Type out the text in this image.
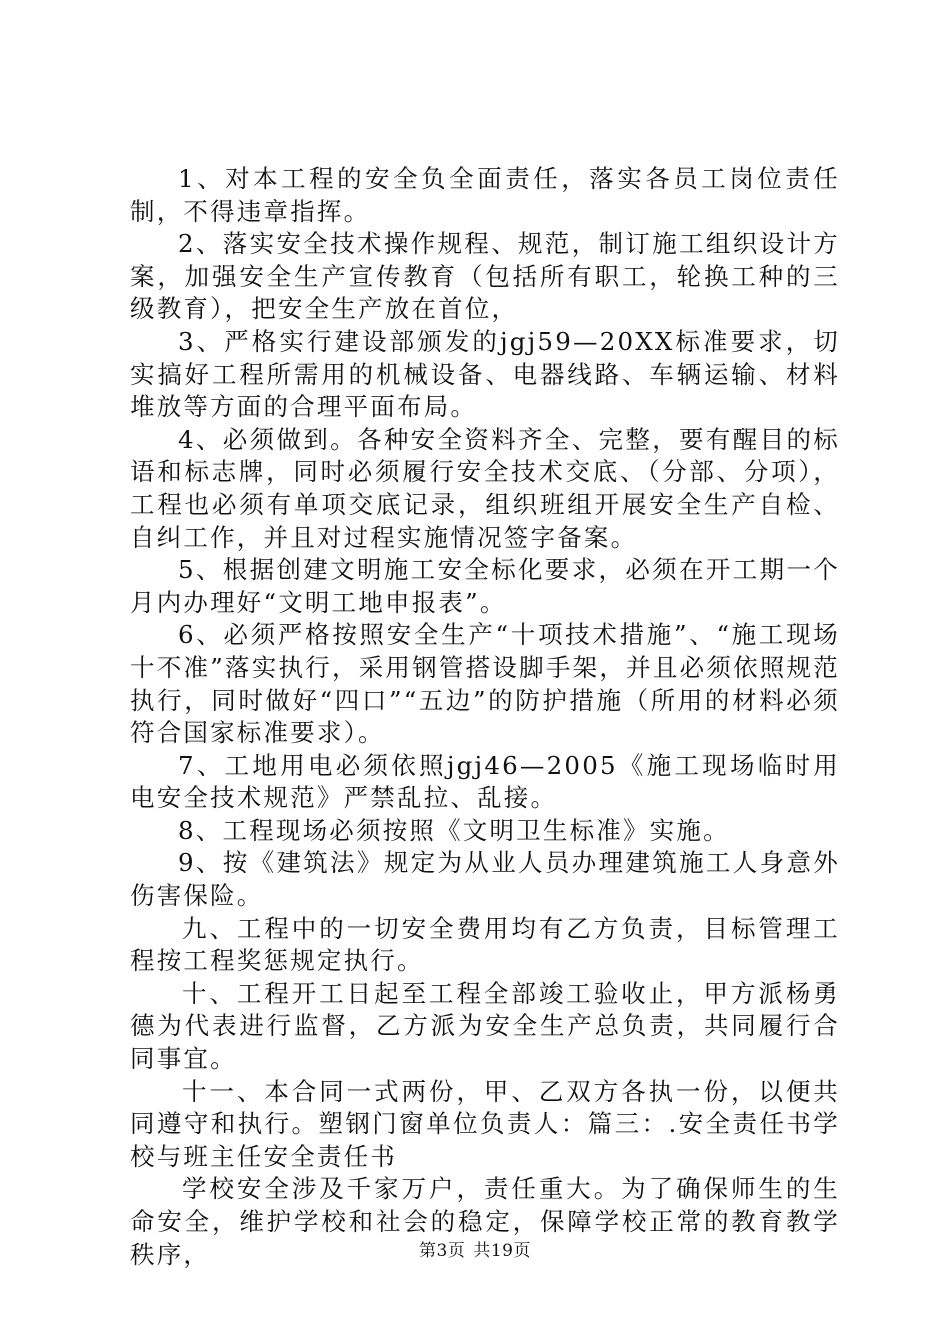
1、对本工程的安全负全面责任，落实各员工岗位责任制，不得违章指挥。

2、落实安全技术操作规程、规范，制订施工组织设计方案，加强安全生产宣传教育（包括所有职工，轮换工种的三级教育），把安全生产放在首位，

3、严格实行建设部颁发的jgj59—20XX标准要求，切实搞好工程所需用的机械设备、电器线路、车辆运输、材料堆放等方面的合理平面布局。

4、必须做到。各种安全资料齐全、完整，要有醒目的标语和标志牌，同时必须履行安全技术交底、（分部、分项），工程也必须有单项交底记录，组织班组开展安全生产自检、自纠工作，并且对过程实施情况签字备案。

5、根据创建文明施工安全标化要求，必须在开工期一个月内办理好“文明工地申报表”。

6、必须严格按照安全生产“十项技术措施”、“施工现场十不准”落实执行，采用钢管搭设脚手架，并且必须依照规范执行，同时做好“四口”“五边”的防护措施（所用的材料必须符合国家标准要求）。

7、工地用电必须依照jgj46—2005《施工现场临时用电安全技术规范》严禁乱拉、乱接。

8、工程现场必须按照《文明卫生标准》实施。

9、按《建筑法》规定为从业人员办理建筑施工人身意外伤害保险。

九、工程中的一切安全费用均有乙方负责，目标管理工程按工程奖惩规定执行。

十、工程开工日起至工程全部竣工验收止，甲方派杨勇德为代表进行监督，乙方派为安全生产总负责，共同履行合同事宜。

十一、本合同一式两份，甲、乙双方各执一份，以便共同遵守和执行。塑钢门窗单位负责人：篇三：.安全责任书学校与班主任安全责任书

学校安全涉及千家万户，责任重大。为了确保师生的生命安全，维护学校和社会的稳定，保障学校正常的教育教学秩序，	第3页 共19页
